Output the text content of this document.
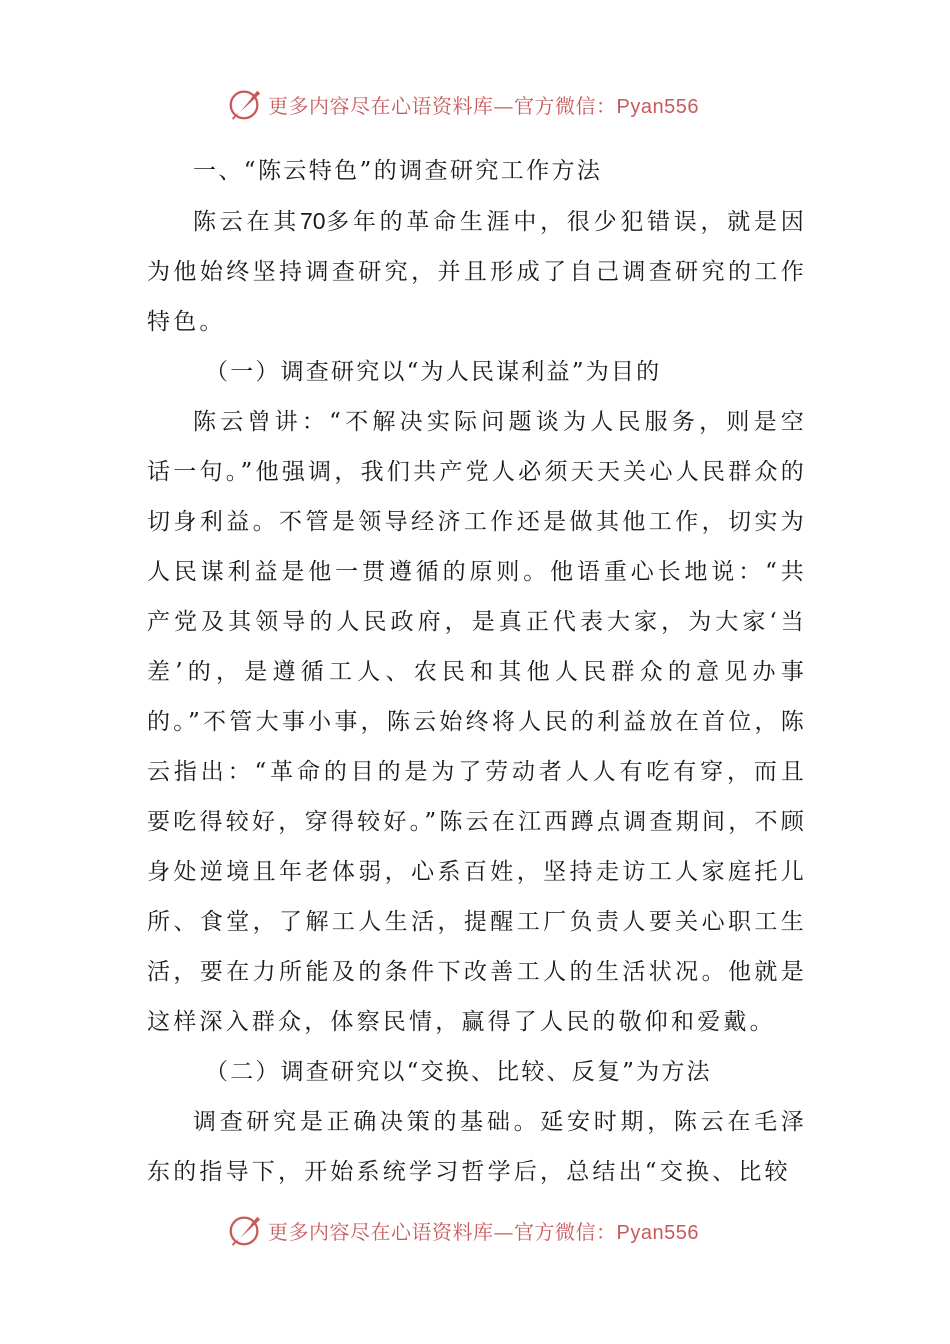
更多内容尽在心语资料库—官方微信：Pyan556

一、“陈云特色”的调查研究工作方法

陈云在其70多年的革命生涯中，很少犯错误，就是因为他始终坚持调查研究，并且形成了自己调查研究的工作特色。

（一）调查研究以“为人民谋利益”为目的

陈云曾讲：“不解决实际问题谈为人民服务，则是空话一句。”他强调，我们共产党人必须天天关心人民群众的切身利益。不管是领导经济工作还是做其他工作，切实为人民谋利益是他一贯遵循的原则。他语重心长地说：“共产党及其领导的人民政府，是真正代表大家，为大家‘当差’的，是遵循工人、农民和其他人民群众的意见办事的。”不管大事小事，陈云始终将人民的利益放在首位，陈云指出：“革命的目的是为了劳动者人人有吃有穿，而且要吃得较好，穿得较好。”陈云在江西蹲点调查期间，不顾身处逆境且年老体弱，心系百姓，坚持走访工人家庭托儿所、食堂，了解工人生活，提醒工厂负责人要关心职工生活，要在力所能及的条件下改善工人的生活状况。他就是这样深入群众，体察民情，赢得了人民的敬仰和爱戴。

（二）调查研究以“交换、比较、反复”为方法

调查研究是正确决策的基础。延安时期，陈云在毛泽东的指导下，开始系统学习哲学后，总结出“交换、比较

更多内容尽在心语资料库—官方微信：Pyan556
